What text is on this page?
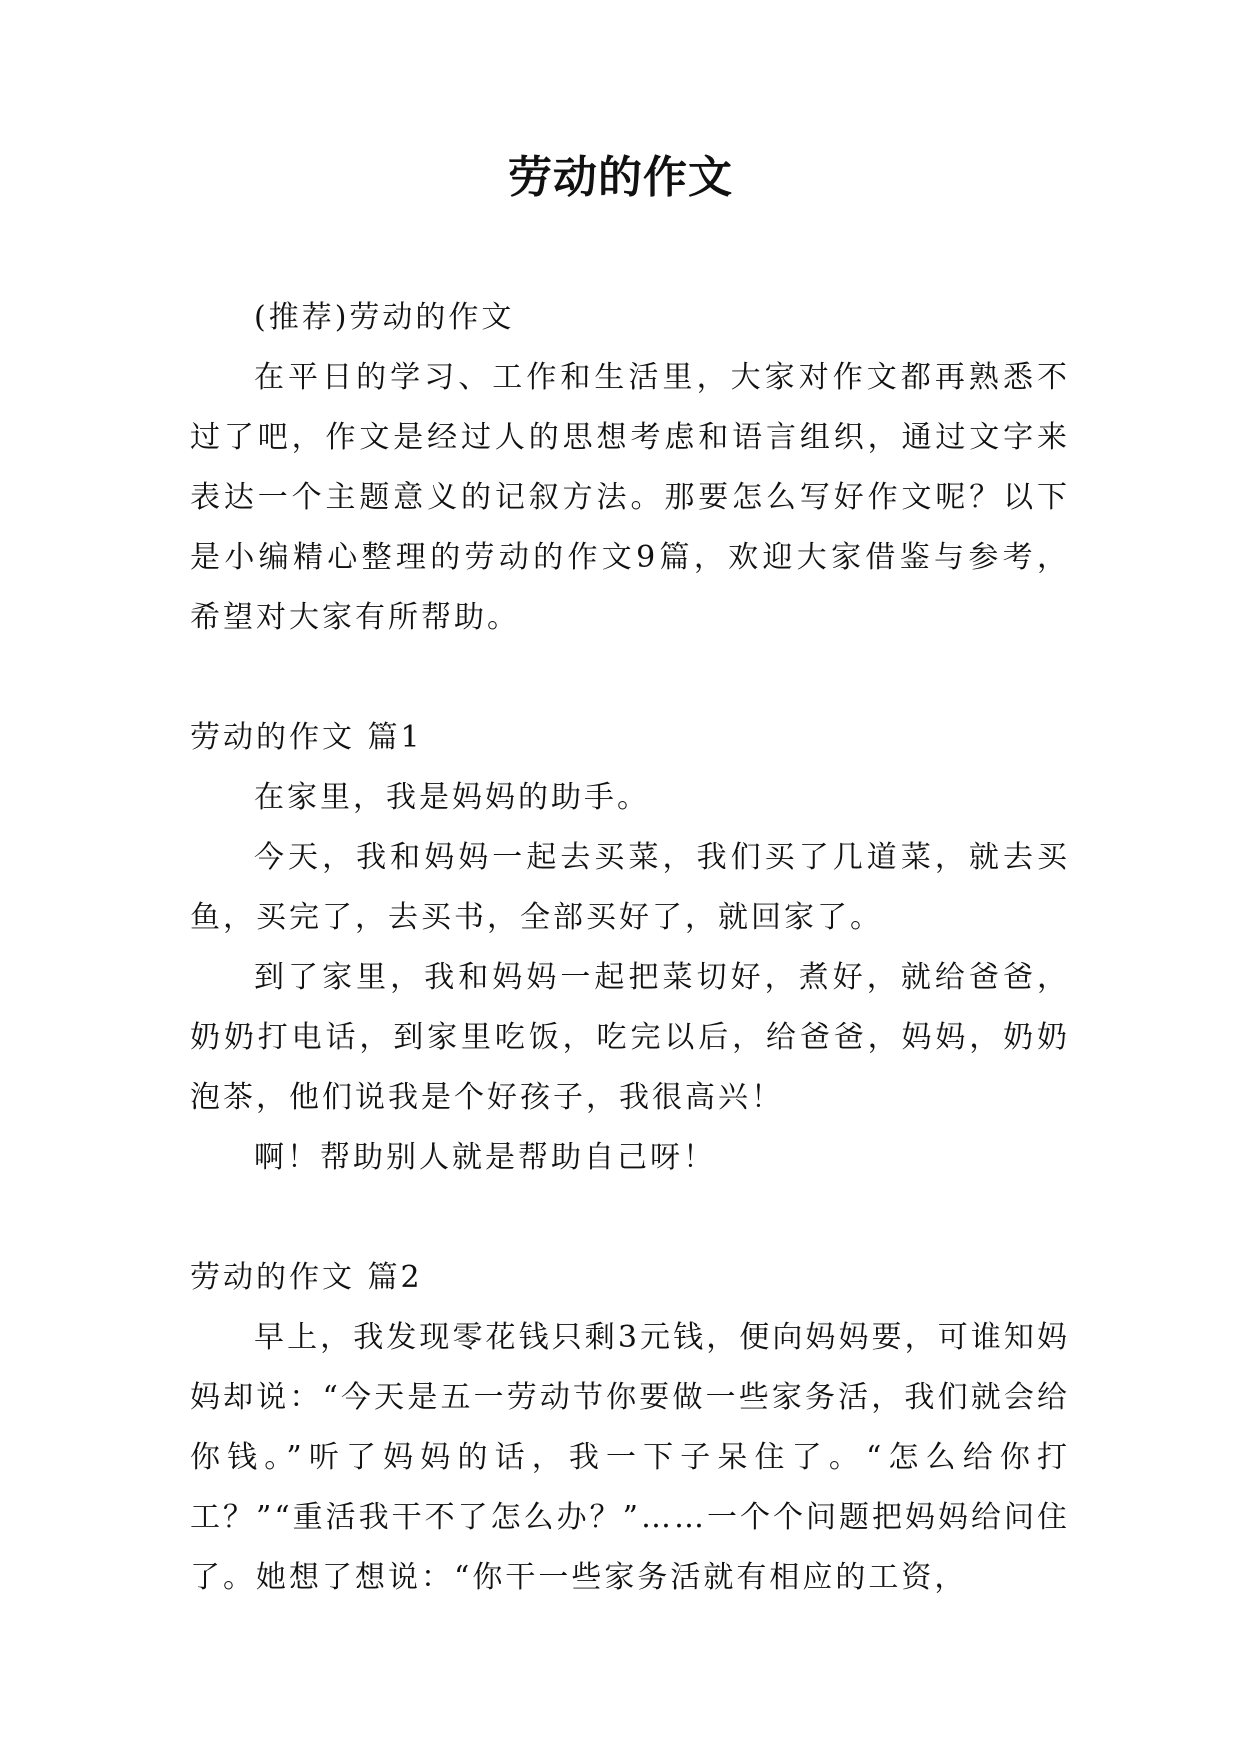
劳动的作文

(推荐)劳动的作文

在平日的学习、工作和生活里，大家对作文都再熟悉不过了吧，作文是经过人的思想考虑和语言组织，通过文字来表达一个主题意义的记叙方法。那要怎么写好作文呢？以下是小编精心整理的劳动的作文9篇，欢迎大家借鉴与参考，希望对大家有所帮助。

劳动的作文 篇1

在家里，我是妈妈的助手。

今天，我和妈妈一起去买菜，我们买了几道菜，就去买鱼，买完了，去买书，全部买好了，就回家了。

到了家里，我和妈妈一起把菜切好，煮好，就给爸爸，奶奶打电话，到家里吃饭，吃完以后，给爸爸，妈妈，奶奶泡茶，他们说我是个好孩子，我很高兴！

啊！帮助别人就是帮助自己呀！

劳动的作文 篇2

早上，我发现零花钱只剩3元钱，便向妈妈要，可谁知妈妈却说：“今天是五一劳动节你要做一些家务活，我们就会给你钱。”听了妈妈的话，我一下子呆住了。“怎么给你打工？”“重活我干不了怎么办？”……一个个问题把妈妈给问住了。她想了想说：“你干一些家务活就有相应的工资，
